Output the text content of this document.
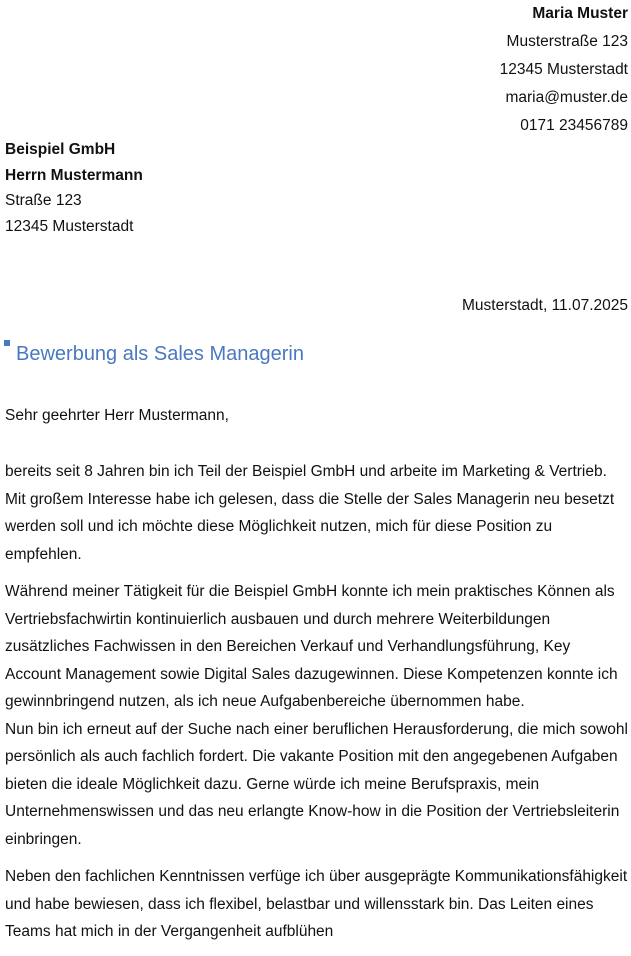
Maria Muster
Musterstraße 123
12345 Musterstadt
maria@muster.de
0171 23456789
Beispiel GmbH
Herrn Mustermann
Straße 123
12345 Musterstadt
Musterstadt, 11.07.2025
Bewerbung als Sales Managerin
Sehr geehrter Herr Mustermann,

bereits seit 8 Jahren bin ich Teil der Beispiel GmbH und arbeite im Marketing & Vertrieb. Mit großem Interesse habe ich gelesen, dass die Stelle der Sales Managerin neu besetzt werden soll und ich möchte diese Möglichkeit nutzen, mich für diese Position zu empfehlen.

Während meiner Tätigkeit für die Beispiel GmbH konnte ich mein praktisches Können als Vertriebsfachwirtin kontinuierlich ausbauen und durch mehrere Weiterbildungen zusätzliches Fachwissen in den Bereichen Verkauf und Verhandlungsführung, Key Account Management sowie Digital Sales dazugewinnen. Diese Kompetenzen konnte ich gewinnbringend nutzen, als ich neue Aufgabenbereiche übernommen habe.

Nun bin ich erneut auf der Suche nach einer beruflichen Herausforderung, die mich sowohl persönlich als auch fachlich fordert. Die vakante Position mit den angegebenen Aufgaben bieten die ideale Möglichkeit dazu. Gerne würde ich meine Berufspraxis, mein Unternehmenswissen und das neu erlangte Know-how in die Position der Vertriebsleiterin einbringen.

Neben den fachlichen Kenntnissen verfüge ich über ausgeprägte Kommunikationsfähigkeit und habe bewiesen, dass ich flexibel, belastbar und willensstark bin. Das Leiten eines Teams hat mich in der Vergangenheit aufblühen
